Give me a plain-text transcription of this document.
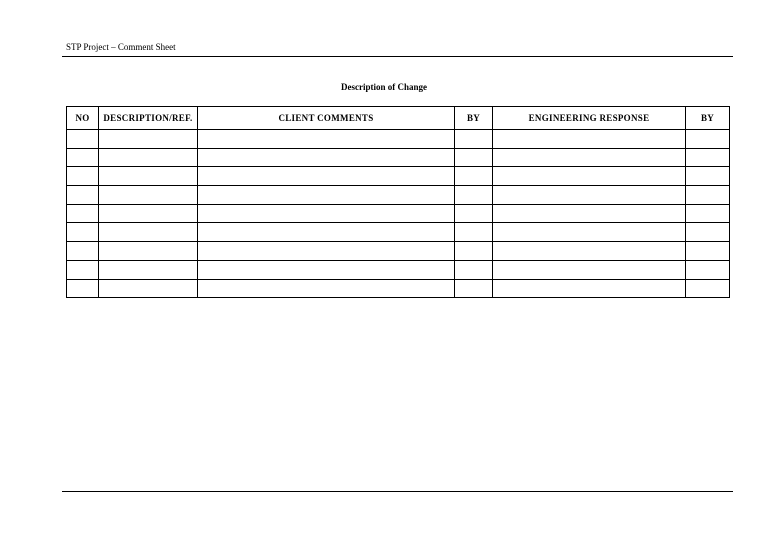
STP Project – Comment Sheet
Description of Change
NO	DESCRIPTION/REF.	CLIENT COMMENTS	BY	ENGINEERING RESPONSE	BY
